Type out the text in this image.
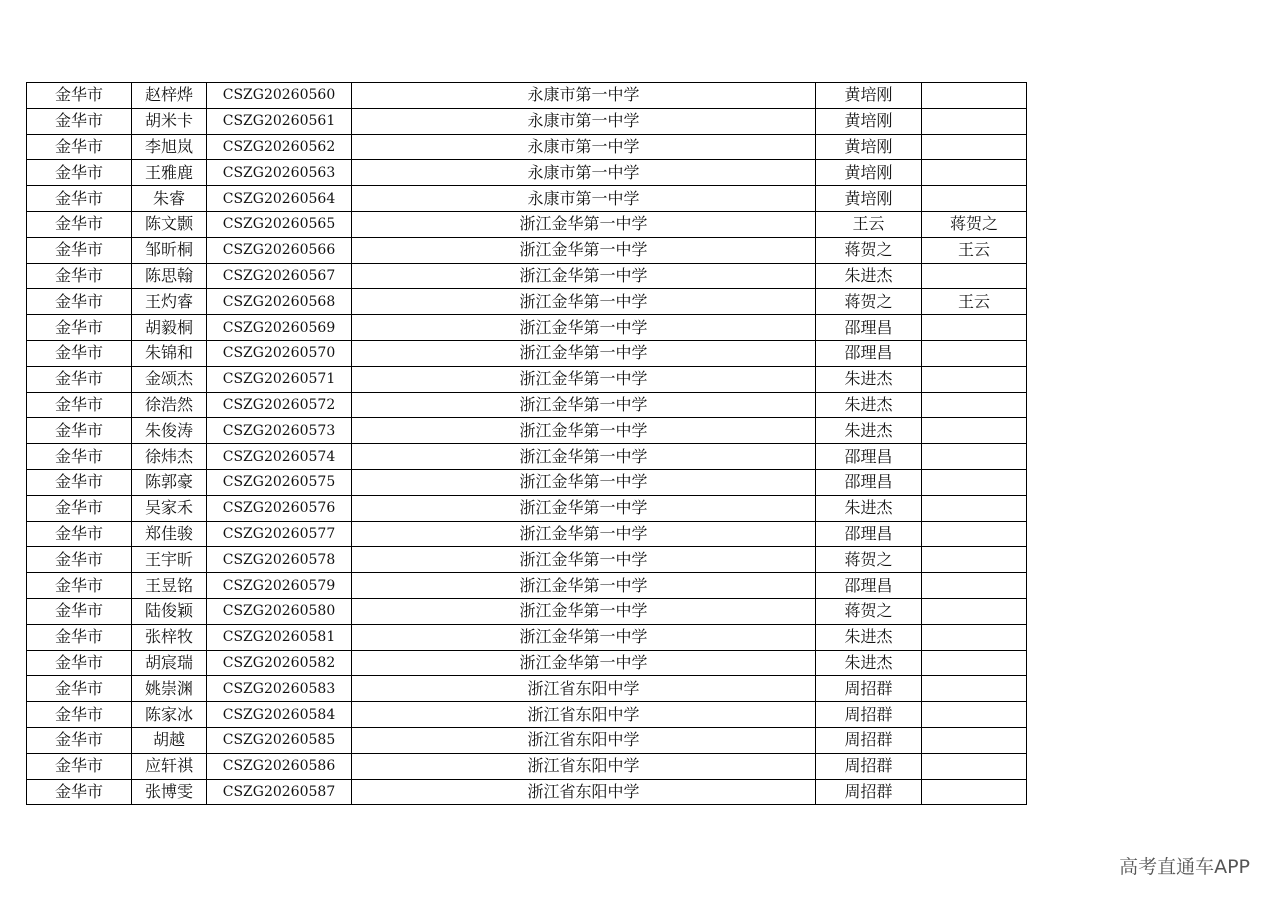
金华市	赵梓烨	CSZG20260560	永康市第一中学	黄培刚	
金华市	胡米卡	CSZG20260561	永康市第一中学	黄培刚	
金华市	李旭岚	CSZG20260562	永康市第一中学	黄培刚	
金华市	王雅鹿	CSZG20260563	永康市第一中学	黄培刚	
金华市	朱睿	CSZG20260564	永康市第一中学	黄培刚	
金华市	陈文颢	CSZG20260565	浙江金华第一中学	王云	蒋贺之
金华市	邹昕桐	CSZG20260566	浙江金华第一中学	蒋贺之	王云
金华市	陈思翰	CSZG20260567	浙江金华第一中学	朱进杰	
金华市	王灼睿	CSZG20260568	浙江金华第一中学	蒋贺之	王云
金华市	胡毅桐	CSZG20260569	浙江金华第一中学	邵理昌	
金华市	朱锦和	CSZG20260570	浙江金华第一中学	邵理昌	
金华市	金颂杰	CSZG20260571	浙江金华第一中学	朱进杰	
金华市	徐浩然	CSZG20260572	浙江金华第一中学	朱进杰	
金华市	朱俊涛	CSZG20260573	浙江金华第一中学	朱进杰	
金华市	徐炜杰	CSZG20260574	浙江金华第一中学	邵理昌	
金华市	陈郭豪	CSZG20260575	浙江金华第一中学	邵理昌	
金华市	吴家禾	CSZG20260576	浙江金华第一中学	朱进杰	
金华市	郑佳骏	CSZG20260577	浙江金华第一中学	邵理昌	
金华市	王宇昕	CSZG20260578	浙江金华第一中学	蒋贺之	
金华市	王昱铭	CSZG20260579	浙江金华第一中学	邵理昌	
金华市	陆俊颖	CSZG20260580	浙江金华第一中学	蒋贺之	
金华市	张梓牧	CSZG20260581	浙江金华第一中学	朱进杰	
金华市	胡宸瑞	CSZG20260582	浙江金华第一中学	朱进杰	
金华市	姚崇渊	CSZG20260583	浙江省东阳中学	周招群	
金华市	陈家冰	CSZG20260584	浙江省东阳中学	周招群	
金华市	胡越	CSZG20260585	浙江省东阳中学	周招群	
金华市	应轩祺	CSZG20260586	浙江省东阳中学	周招群	
金华市	张博雯	CSZG20260587	浙江省东阳中学	周招群	
高考直通车APP
